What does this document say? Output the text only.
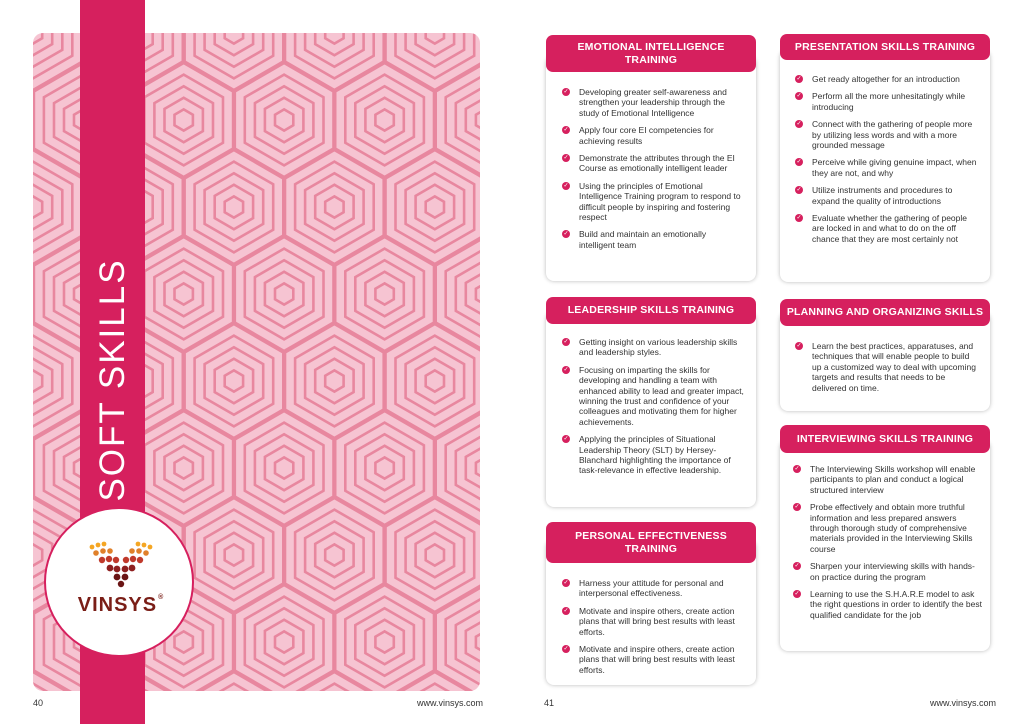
SOFT SKILLS
VINSYS®
40	www.vinsys.com
EMOTIONAL INTELLIGENCE TRAINING
✓ Developing greater self-awareness and strengthen your leadership through the study of Emotional Intelligence
✓ Apply four core EI competencies for achieving results
✓ Demonstrate the attributes through the EI Course as emotionally intelligent leader
✓ Using the principles of Emotional Intelligence Training program to respond to difficult people by inspiring and fostering respect
✓ Build and maintain an emotionally intelligent team
PRESENTATION SKILLS TRAINING
✓ Get ready altogether for an introduction
✓ Perform all the more unhesitatingly while introducing
✓ Connect with the gathering of people more by utilizing less words and with a more grounded message
✓ Perceive while giving genuine impact, when they are not, and why
✓ Utilize instruments and procedures to expand the quality of introductions
✓ Evaluate whether the gathering of people are locked in and what to do on the off chance that they are most certainly not
LEADERSHIP SKILLS TRAINING
✓ Getting insight on various leadership skills and leadership styles.
✓ Focusing on imparting the skills for developing and handling a team with enhanced ability to lead and greater impact, winning the trust and confidence of your colleagues and motivating them for higher achievements.
✓ Applying the principles of Situational Leadership Theory (SLT) by Hersey-Blanchard highlighting the importance of task-relevance in effective leadership.
PLANNING AND ORGANIZING SKILLS
✓ Learn the best practices, apparatuses, and techniques that will enable people to build up a customized way to deal with upcoming targets and results that needs to be delivered on time.
INTERVIEWING SKILLS TRAINING
✓ The Interviewing Skills workshop will enable participants to plan and conduct a logical structured interview
✓ Probe effectively and obtain more truthful information and less prepared answers through thorough study of comprehensive materials provided in the Interviewing Skills course
✓ Sharpen your interviewing skills with hands-on practice during the program
✓ Learning to use the S.H.A.R.E model to ask the right questions in order to identify the best qualified candidate for the job
PERSONAL EFFECTIVENESS TRAINING
✓ Harness your attitude for personal and interpersonal effectiveness.
✓ Motivate and inspire others, create action plans that will bring best results with least efforts.
✓ Motivate and inspire others, create action plans that will bring best results with least efforts.
41	www.vinsys.com
